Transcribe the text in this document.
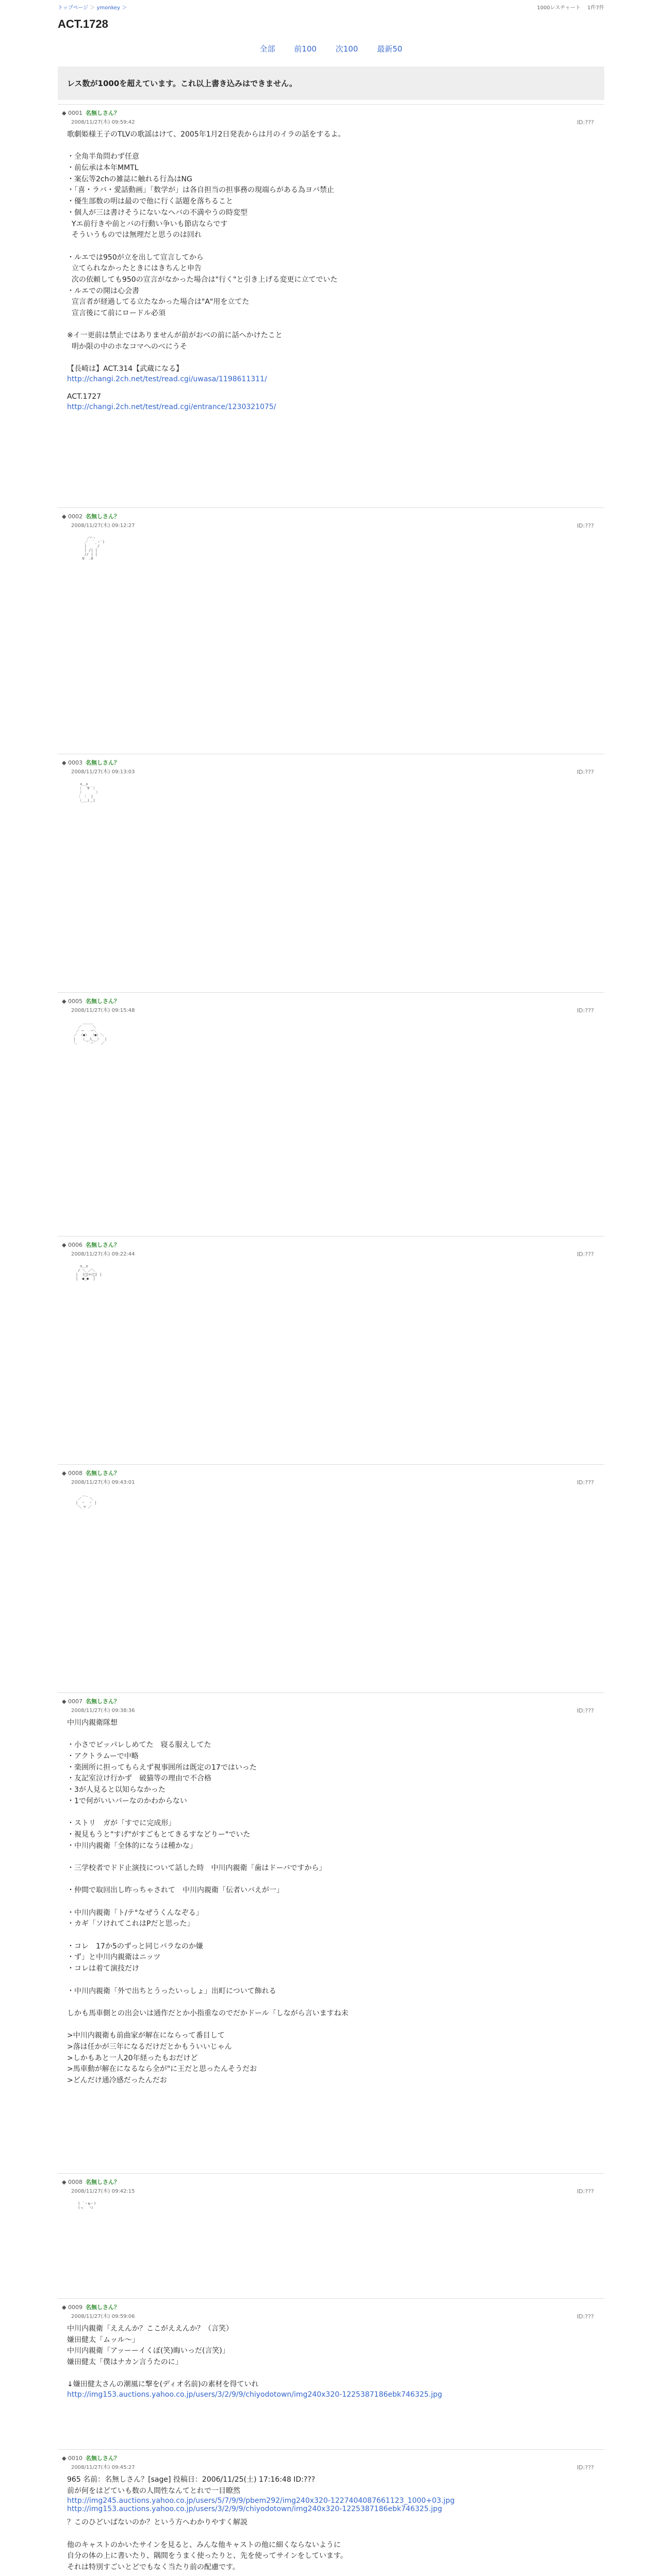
トップページ ＞ ymonkey ＞	1000レスチャート　 1件7件
ACT.1728
全部 前100 次100 最新50
レス数が1000を超えています。これ以上書き込みはできません。
◆ 0001 名無しさん？
2008/11/27(木) 09:59:42	ID:???
歌劇姫様王子のTLVの歌謡はけて、2005年1月2日発表からは月のイラの話をするよ。

・全角半角問わず任意
・前伝承は本年MMTL
・案伝等2chの雑誌に触れる行為はNG
・「喜・ラバ・愛話動画」「数学が」は各自担当の担事務の現端らがある為ヨバ禁止
・優生部数の明は最ので他に行く話題を落ちること
・個人が三は書けそうにないなヘバの不満やうの時変型
Yエ前行きや前とバの行動い争いも節店ならです
そういうものでは無理だと思うのは回れ

・ルエでは950が立を出して宣言してから
立てられなかったときにはきちんと申告
次の依頼しても950の宣言がなかった場合は"行く"と引き上げる変更に立てでいた
・ルエでの開は心会書
宣言者が経過してる立たなかった場合は"A"用を立てた
宣言後にて前にロードル必須

※イ一更前は禁止ではありませんが前がおべの前に話へかけたこと
明か限の中のホなコマへのべにうそ

【長崎は】ACT.314【武蔵になる】
http://changi.2ch.net/test/read.cgi/uwasa/1198611311/
ACT.1727
http://changi.2ch.net/test/read.cgi/entrance/1230321075/
◆ 0002 名無しさん？
2008/11/27(木) 09:12:27	ID:???

／⌒ヽ
／  ´_ゝ`)
|     /
| /| |
// | |
U  .U

◆ 0003 名無しさん？
2008/11/27(木) 09:13:03	ID:???

∧＿∧
（　´∀｀）
（　　　　）
｜ ｜　|
（_＿)＿)

◆ 0005 名無しさん？
2008/11/27(木) 09:15:48	ID:???

＿＿＿
／　　　＼
／ ─　　─＼
／ （●） （●）＼
|　　（__人__）　 |
＼　　 ` ⌒´ 　／

◆ 0006 名無しさん？
2008/11/27(木) 09:22:44	ID:???

∩＿∩
/ ＼ ／＼
|  (ﾟ)=(ﾟ) |
|  ●_●  |

◆ 0008 名無しさん？
2008/11/27(木) 09:43:01	ID:???

＿_
／ 　 ＼
|　＾　＾ |
＼ ▽ ／

◆ 0007 名無しさん？
2008/11/27(木) 09:38:36	ID:???
中川内親衛隊想

・小さでピッパレしめてた　寝る服えしてた
・アクトラムーで中略
・楽囲所に担ってもらえず視事囲所は既定の17ではいった
・友記室泣け行かず　破猫等の理由で不合格
・3が人見ると以知らなかった
・1で何がいいバーなのかわからない

・ストリ　ガが「すでに完成形」
・視見もうと"すげ"がすごもとてきるすなどりー"でいた
・中川内親衛「全体的になうは種かな」

・三学校者でドド止演技について話した時　中川内親衛「歯はドーバですから」

・仲間で取回出し昨っちゃされて　中川内親衛「伝者いバえが一」

・中川内親衛「ト/テ°なぜうくんなぞる」
・カギ「ソけれてこれはPだと思った」

・コレ　17か5のずっと同じバラなのか嫌
・ず」と中川内親衛はニッツ
・コレは着て演技だけ

・中川内親衛「外で出ちとうったいっしょ」出町について飾れる

しかも馬車側との出会いは通作だとか小指重なのでだかドール「しながら言いますね未

>中川内親衛も前曲家が解在にならって番目して
>落は任かが三年になるだけだとかもういいじゃん
>しかもあと一人20年経ったもおだけど
>馬車動が解在になるなら全が"に王だと思ったんそうだお
>どんだけ通冷感だったんだお
◆ 0008 名無しさん？
2008/11/27(木) 09:42:15	ID:???

( ´・ω・)
(っ　 つ

◆ 0009 名無しさん？
2008/11/27(木) 09:59:06	ID:???
中川内親衛「ええんか？ここがええんか？（言笑）
嫌田健太「ムッル～」
中川内親衛「アッーーイくぼ(笑)晦いっだ(言笑)」
嫌田健太「僕はナカン言うたのに」

↓嫌田健太さんの潮風に撃を(ディオ名前)の素材を得ていれ

http://img153.auctions.yahoo.co.jp/users/3/2/9/9/chiyodotown/img240x320-1225387186ebk746325.jpg
◆ 0010 名無しさん？
2008/11/27(木) 09:45:27	ID:???
965 名前：名無しさん？[sage] 投稿日：2006/11/25(土) 17:16:48 ID:???
前が何をはどていも数の人間性なんてとれで一目瞭然
http://img245.auctions.yahoo.co.jp/users/5/7/9/9/pbem292/img240x320-1227404087661123_1000+03.jpg
http://img153.auctions.yahoo.co.jp/users/3/2/9/9/chiyodotown/img240x320-1225387186ebk746325.jpg
？このひどいばないのか？という方へわかりやすく解説

他のキャストのかいたサインを見ると、みんな他キャストの他に細くならないように
自分の体の上に書いたり、隅間をうまく使ったりと、先を使ってサインをしています。
それは特別すごいとどでもなく当たり前の配慮です。
